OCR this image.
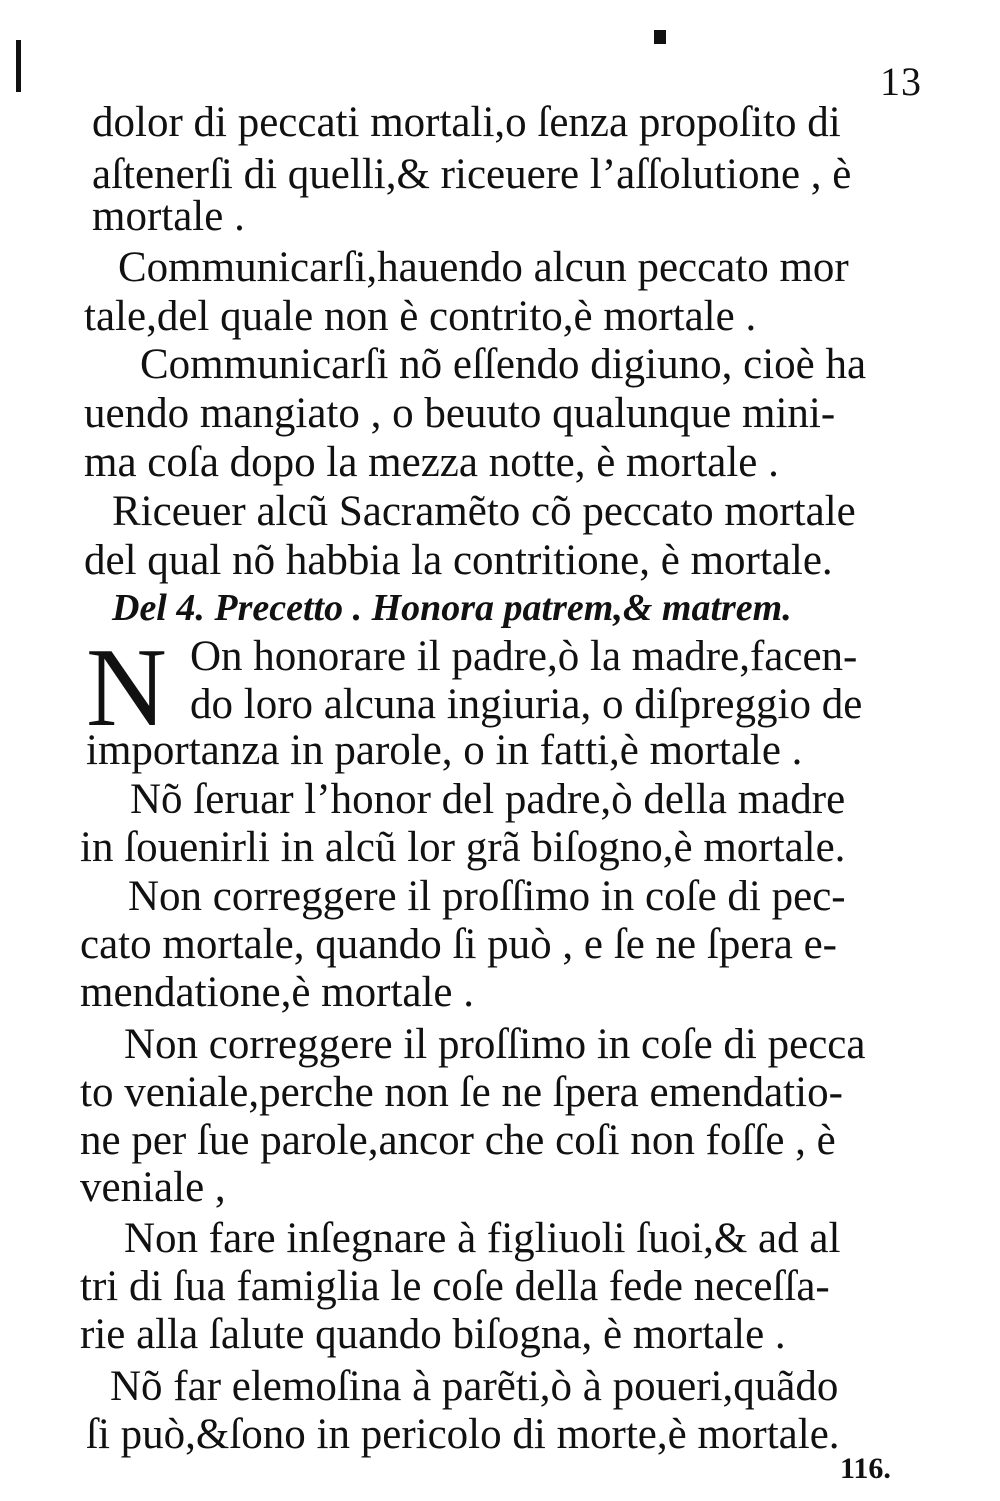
13
dolor di peccati mortali,o ſenza propoſito di
aſtenerſi di quelli,& riceuere l’aſſolutione , è
mortale .
Communicarſi,hauendo alcun peccato mor
tale,del quale non è contrito,è mortale .
Communicarſi nõ eſſendo digiuno, cioè ha
uendo mangiato , o beuuto qualunque mini-
ma coſa dopo la mezza notte, è mortale .
Riceuer alcũ Sacramẽto cõ peccato mortale
del qual nõ habbia la contritione, è mortale.
Del 4. Precetto . Honora patrem,& matrem.
N On honorare il padre,ò la madre,facen-
do loro alcuna ingiuria, o diſpreggio de
importanza in parole, o in fatti,è mortale .
Nõ ſeruar l’honor del padre,ò della madre
in ſouenirli in alcũ lor grã biſogno,è mortale.
Non correggere il proſſimo in coſe di pec-
cato mortale, quando ſi può , e ſe ne ſpera e-
mendatione,è mortale .
Non correggere il proſſimo in coſe di pecca
to veniale,perche non ſe ne ſpera emendatio-
ne per ſue parole,ancor che coſi non foſſe , è
veniale ,
Non fare inſegnare à figliuoli ſuoi,& ad al
tri di ſua famiglia le coſe della fede neceſſa-
rie alla ſalute quando biſogna, è mortale .
Nõ far elemoſina à parẽti,ò à poueri,quãdo
ſi può,&ſono in pericolo di morte,è mortale.
116.
